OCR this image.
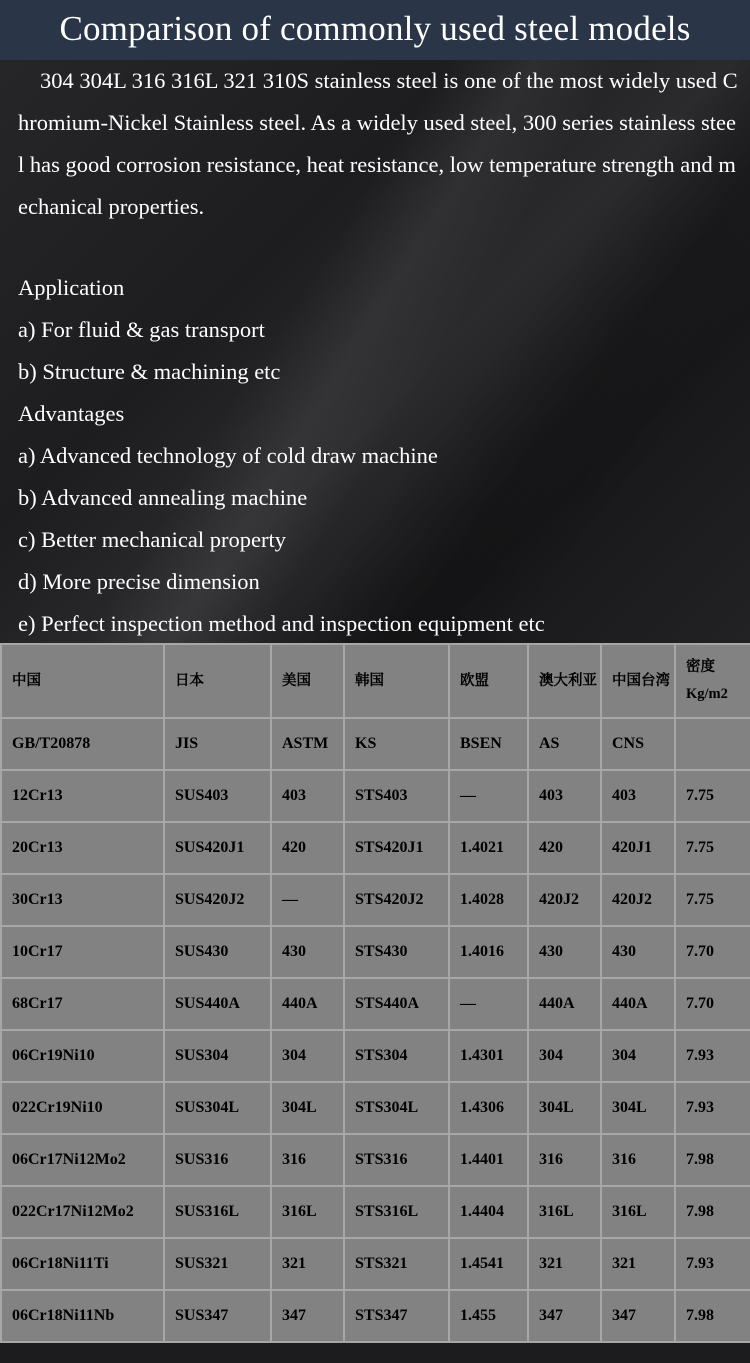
Comparison of commonly used steel models

304 304L 316 316L 321 310S stainless steel is one of the most widely used Chromium-Nickel Stainless steel. As a widely used steel, 300 series stainless steel has good corrosion resistance, heat resistance, low temperature strength and mechanical properties.

Application
a) For fluid & gas transport
b) Structure & machining etc
Advantages
a) Advanced technology of cold draw machine
b) Advanced annealing machine
c) Better mechanical property
d) More precise dimension
e) Perfect inspection method and inspection equipment etc
中国	日本	美国	韩国	欧盟	澳大利亚	中国台湾	密度Kg/m2
GB/T20878	JIS	ASTM	KS	BSEN	AS	CNS	
12Cr13	SUS403	403	STS403	—	403	403	7.75
20Cr13	SUS420J1	420	STS420J1	1.4021	420	420J1	7.75
30Cr13	SUS420J2	—	STS420J2	1.4028	420J2	420J2	7.75
10Cr17	SUS430	430	STS430	1.4016	430	430	7.70
68Cr17	SUS440A	440A	STS440A	—	440A	440A	7.70
06Cr19Ni10	SUS304	304	STS304	1.4301	304	304	7.93
022Cr19Ni10	SUS304L	304L	STS304L	1.4306	304L	304L	7.93
06Cr17Ni12Mo2	SUS316	316	STS316	1.4401	316	316	7.98
022Cr17Ni12Mo2	SUS316L	316L	STS316L	1.4404	316L	316L	7.98
06Cr18Ni11Ti	SUS321	321	STS321	1.4541	321	321	7.93
06Cr18Ni11Nb	SUS347	347	STS347	1.455	347	347	7.98
